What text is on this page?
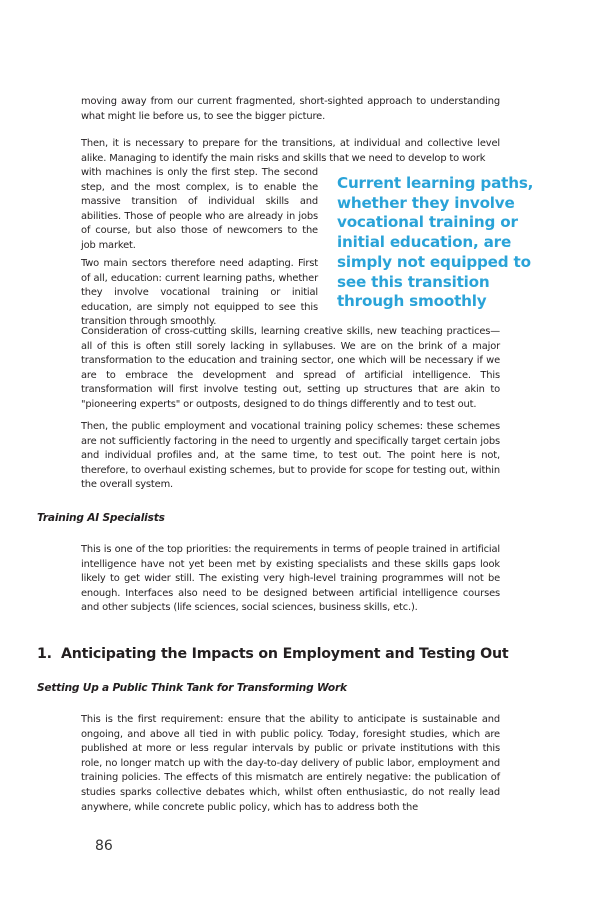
moving away from our current fragmented, short-sighted approach to understanding what might lie before us, to see the bigger picture.

Then, it is necessary to prepare for the transitions, at individual and collective level alike. Managing to identify the main risks and skills that we need to develop to work

with machines is only the first step. The second step, and the most complex, is to enable the massive transition of individual skills and abilities. Those of people who are already in jobs of course, but also those of newcomers to the job market.

Two main sectors therefore need adapting. First of all, education: current learning paths, whether they involve vocational training or initial education, are simply not equipped to see this transition through smoothly.

Current learning paths, whether they involve vocational training or initial education, are simply not equipped to see this transition through smoothly

Consideration of cross-cutting skills, learning creative skills, new teaching practices—all of this is often still sorely lacking in syllabuses. We are on the brink of a major transformation to the education and training sector, one which will be necessary if we are to embrace the development and spread of artificial intelligence. This transformation will first involve testing out, setting up structures that are akin to "pioneering experts" or outposts, designed to do things differently and to test out.

Then, the public employment and vocational training policy schemes: these schemes are not sufficiently factoring in the need to urgently and specifically target certain jobs and individual profiles and, at the same time, to test out. The point here is not, therefore, to overhaul existing schemes, but to provide for scope for testing out, within the overall system.

Training AI Specialists

This is one of the top priorities: the requirements in terms of people trained in artificial intelligence have not yet been met by existing specialists and these skills gaps look likely to get wider still. The existing very high-level training programmes will not be enough. Interfaces also need to be designed between artificial intelligence courses and other subjects (life sciences, social sciences, business skills, etc.).

1. Anticipating the Impacts on Employment and Testing Out

Setting Up a Public Think Tank for Transforming Work

This is the first requirement: ensure that the ability to anticipate is sustainable and ongoing, and above all tied in with public policy. Today, foresight studies, which are published at more or less regular intervals by public or private institutions with this role, no longer match up with the day-to-day delivery of public labor, employment and training policies. The effects of this mismatch are entirely negative: the publication of studies sparks collective debates which, whilst often enthusiastic, do not really lead anywhere, while concrete public policy, which has to address both the

86
